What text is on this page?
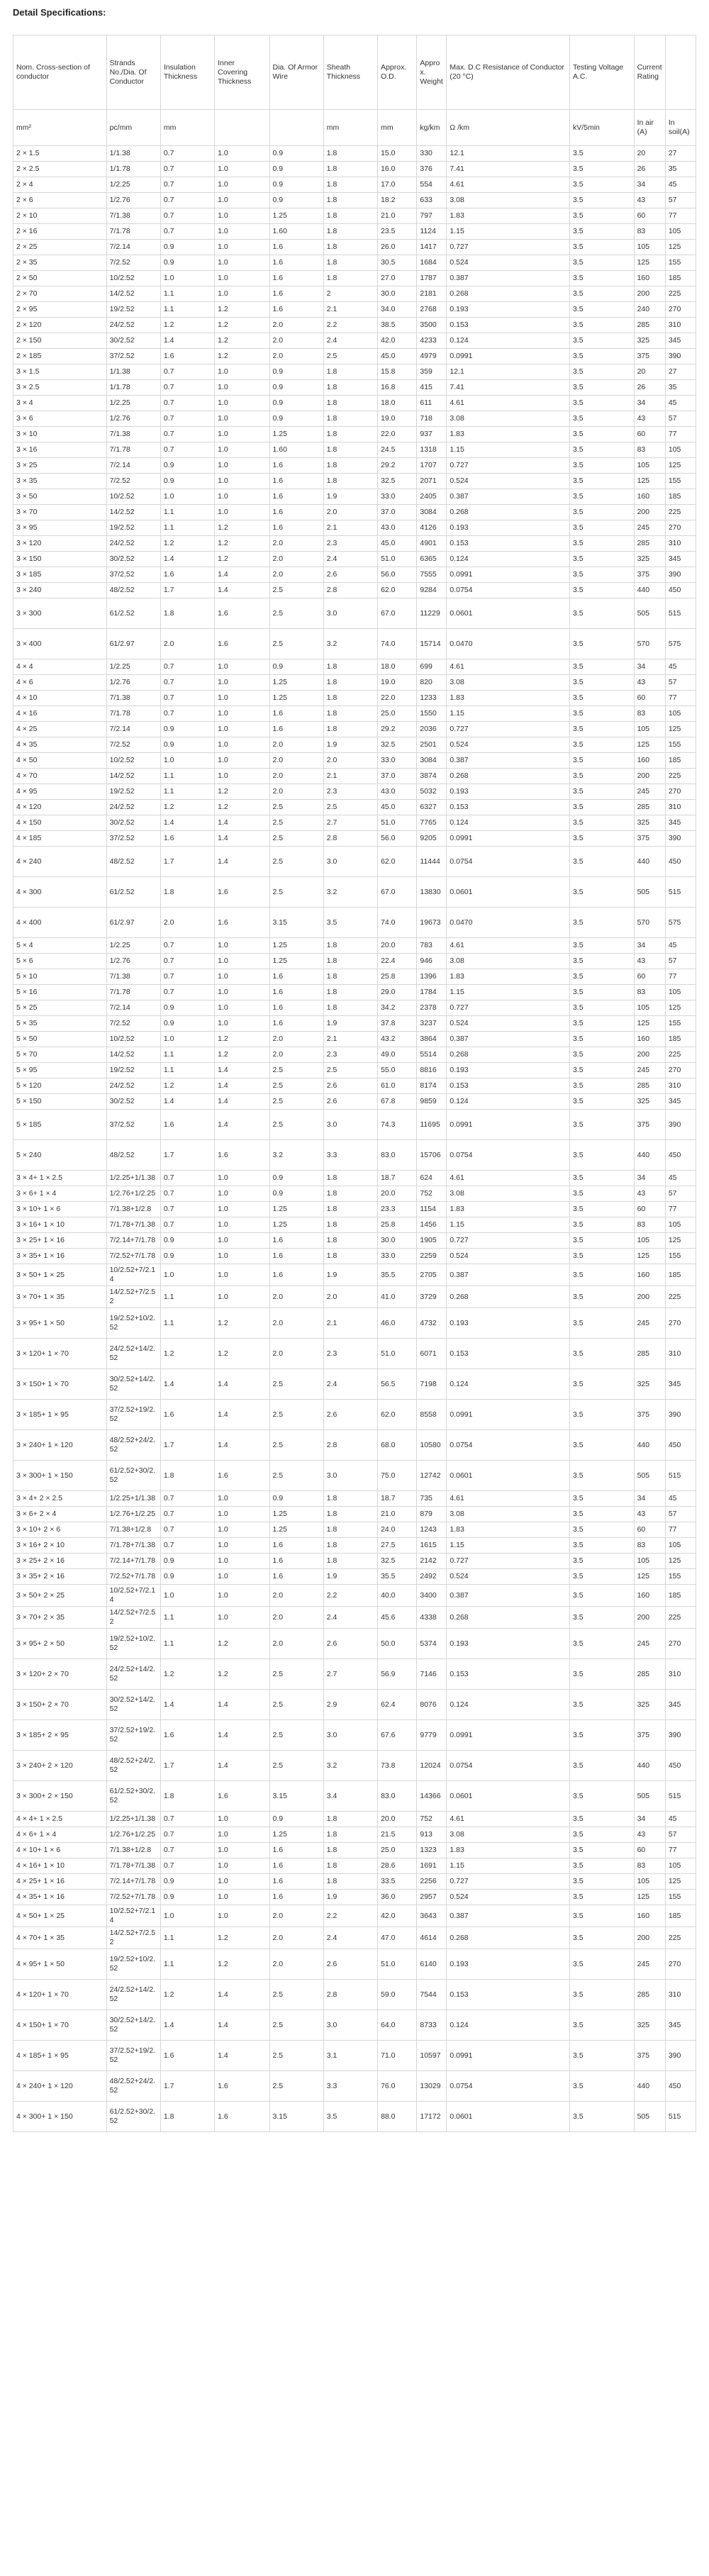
Detail Specifications:
Nom. Cross-section of conductor	Strands No./Dia. Of Conductor	Insulation Thickness	Inner Covering Thickness	Dia. Of Armor Wire	Sheath Thickness	Approx. O.D.	Approx. Weight	Max. D.C Resistance of Conductor (20 °C)	Testing Voltage A.C.	Current Rating	
mm²	pc/mm	mm			mm	mm	kg/km	Ω /km	kV/5min	In air (A)	In soil(A)
2 × 1.5	1/1.38	0.7	1.0	0.9	1.8	15.0	330	12.1	3.5	20	27
2 × 2.5	1/1.78	0.7	1.0	0.9	1.8	16.0	376	7.41	3.5	26	35
2 × 4	1/2.25	0.7	1.0	0.9	1.8	17.0	554	4.61	3.5	34	45
2 × 6	1/2.76	0.7	1.0	0.9	1.8	18.2	633	3.08	3.5	43	57
2 × 10	7/1.38	0.7	1.0	1.25	1.8	21.0	797	1.83	3.5	60	77
2 × 16	7/1.78	0.7	1.0	1.60	1.8	23.5	1124	1.15	3.5	83	105
2 × 25	7/2.14	0.9	1.0	1.6	1.8	26.0	1417	0.727	3.5	105	125
2 × 35	7/2.52	0.9	1.0	1.6	1.8	30.5	1684	0.524	3.5	125	155
2 × 50	10/2.52	1.0	1.0	1.6	1.8	27.0	1787	0.387	3.5	160	185
2 × 70	14/2.52	1.1	1.0	1.6	2	30.0	2181	0.268	3.5	200	225
2 × 95	19/2.52	1.1	1.2	1.6	2.1	34.0	2768	0.193	3.5	240	270
2 × 120	24/2.52	1.2	1.2	2.0	2.2	38.5	3500	0.153	3.5	285	310
2 × 150	30/2.52	1.4	1.2	2.0	2.4	42.0	4233	0.124	3.5	325	345
2 × 185	37/2.52	1.6	1.2	2.0	2.5	45.0	4979	0.0991	3.5	375	390
3 × 1.5	1/1.38	0.7	1.0	0.9	1.8	15.8	359	12.1	3.5	20	27
3 × 2.5	1/1.78	0.7	1.0	0.9	1.8	16.8	415	7.41	3.5	26	35
3 × 4	1/2.25	0.7	1.0	0.9	1.8	18.0	611	4.61	3.5	34	45
3 × 6	1/2.76	0.7	1.0	0.9	1.8	19.0	718	3.08	3.5	43	57
3 × 10	7/1.38	0.7	1.0	1.25	1.8	22.0	937	1.83	3.5	60	77
3 × 16	7/1.78	0.7	1.0	1.60	1.8	24.5	1318	1.15	3.5	83	105
3 × 25	7/2.14	0.9	1.0	1.6	1.8	29.2	1707	0.727	3.5	105	125
3 × 35	7/2.52	0.9	1.0	1.6	1.8	32.5	2071	0.524	3.5	125	155
3 × 50	10/2.52	1.0	1.0	1.6	1.9	33.0	2405	0.387	3.5	160	185
3 × 70	14/2.52	1.1	1.0	1.6	2.0	37.0	3084	0.268	3.5	200	225
3 × 95	19/2.52	1.1	1.2	1.6	2.1	43.0	4126	0.193	3.5	245	270
3 × 120	24/2.52	1.2	1.2	2.0	2.3	45.0	4901	0.153	3.5	285	310
3 × 150	30/2.52	1.4	1.2	2.0	2.4	51.0	6365	0.124	3.5	325	345
3 × 185	37/2.52	1.6	1.4	2.0	2.6	56.0	7555	0.0991	3.5	375	390
3 × 240	48/2.52	1.7	1.4	2.5	2.8	62.0	9284	0.0754	3.5	440	450
3 × 300	61/2.52	1.8	1.6	2.5	3.0	67.0	11229	0.0601	3.5	505	515
3 × 400	61/2.97	2.0	1.6	2.5	3.2	74.0	15714	0.0470	3.5	570	575
4 × 4	1/2.25	0.7	1.0	0.9	1.8	18.0	699	4.61	3.5	34	45
4 × 6	1/2.76	0.7	1.0	1.25	1.8	19.0	820	3.08	3.5	43	57
4 × 10	7/1.38	0.7	1.0	1.25	1.8	22.0	1233	1.83	3.5	60	77
4 × 16	7/1.78	0.7	1.0	1.6	1.8	25.0	1550	1.15	3.5	83	105
4 × 25	7/2.14	0.9	1.0	1.6	1.8	29.2	2036	0.727	3.5	105	125
4 × 35	7/2.52	0.9	1.0	2.0	1.9	32.5	2501	0.524	3.5	125	155
4 × 50	10/2.52	1.0	1.0	2.0	2.0	33.0	3084	0.387	3.5	160	185
4 × 70	14/2.52	1.1	1.0	2.0	2.1	37.0	3874	0.268	3.5	200	225
4 × 95	19/2.52	1.1	1.2	2.0	2.3	43.0	5032	0.193	3.5	245	270
4 × 120	24/2.52	1.2	1.2	2.5	2.5	45.0	6327	0.153	3.5	285	310
4 × 150	30/2.52	1.4	1.4	2.5	2.7	51.0	7765	0.124	3.5	325	345
4 × 185	37/2.52	1.6	1.4	2.5	2.8	56.0	9205	0.0991	3.5	375	390
4 × 240	48/2.52	1.7	1.4	2.5	3.0	62.0	11444	0.0754	3.5	440	450
4 × 300	61/2.52	1.8	1.6	2.5	3.2	67.0	13830	0.0601	3.5	505	515
4 × 400	61/2.97	2.0	1.6	3.15	3.5	74.0	19673	0.0470	3.5	570	575
5 × 4	1/2.25	0.7	1.0	1.25	1.8	20.0	783	4.61	3.5	34	45
5 × 6	1/2.76	0.7	1.0	1.25	1.8	22.4	946	3.08	3.5	43	57
5 × 10	7/1.38	0.7	1.0	1.6	1.8	25.8	1396	1.83	3.5	60	77
5 × 16	7/1.78	0.7	1.0	1.6	1.8	29.0	1784	1.15	3.5	83	105
5 × 25	7/2.14	0.9	1.0	1.6	1.8	34.2	2378	0.727	3.5	105	125
5 × 35	7/2.52	0.9	1.0	1.6	1.9	37.8	3237	0.524	3.5	125	155
5 × 50	10/2.52	1.0	1.2	2.0	2.1	43.2	3864	0.387	3.5	160	185
5 × 70	14/2.52	1.1	1.2	2.0	2.3	49.0	5514	0.268	3.5	200	225
5 × 95	19/2.52	1.1	1.4	2.5	2.5	55.0	8816	0.193	3.5	245	270
5 × 120	24/2.52	1.2	1.4	2.5	2.6	61.0	8174	0.153	3.5	285	310
5 × 150	30/2.52	1.4	1.4	2.5	2.6	67.8	9859	0.124	3.5	325	345
5 × 185	37/2.52	1.6	1.4	2.5	3.0	74.3	11695	0.0991	3.5	375	390
5 × 240	48/2.52	1.7	1.6	3.2	3.3	83.0	15706	0.0754	3.5	440	450
3 × 4+ 1 × 2.5	1/2.25+1/1.38	0.7	1.0	0.9	1.8	18.7	624	4.61	3.5	34	45
3 × 6+ 1 × 4	1/2.76+1/2.25	0.7	1.0	0.9	1.8	20.0	752	3.08	3.5	43	57
3 × 10+ 1 × 6	7/1.38+1/2.8	0.7	1.0	1.25	1.8	23.3	1154	1.83	3.5	60	77
3 × 16+ 1 × 10	7/1.78+7/1.38	0.7	1.0	1.25	1.8	25.8	1456	1.15	3.5	83	105
3 × 25+ 1 × 16	7/2.14+7/1.78	0.9	1.0	1.6	1.8	30.0	1905	0.727	3.5	105	125
3 × 35+ 1 × 16	7/2.52+7/1.78	0.9	1.0	1.6	1.8	33.0	2259	0.524	3.5	125	155
3 × 50+ 1 × 25	10/2.52+7/2.14	1.0	1.0	1.6	1.9	35.5	2705	0.387	3.5	160	185
3 × 70+ 1 × 35	14/2.52+7/2.52	1.1	1.0	2.0	2.0	41.0	3729	0.268	3.5	200	225
3 × 95+ 1 × 50	19/2.52+10/2.52	1.1	1.2	2.0	2.1	46.0	4732	0.193	3.5	245	270
3 × 120+ 1 × 70	24/2.52+14/2.52	1.2	1.2	2.0	2.3	51.0	6071	0.153	3.5	285	310
3 × 150+ 1 × 70	30/2.52+14/2.52	1.4	1.4	2.5	2.4	56.5	7198	0.124	3.5	325	345
3 × 185+ 1 × 95	37/2.52+19/2.52	1.6	1.4	2.5	2.6	62.0	8558	0.0991	3.5	375	390
3 × 240+ 1 × 120	48/2.52+24/2.52	1.7	1.4	2.5	2.8	68.0	10580	0.0754	3.5	440	450
3 × 300+ 1 × 150	61/2.52+30/2.52	1.8	1.6	2.5	3.0	75.0	12742	0.0601	3.5	505	515
3 × 4+ 2 × 2.5	1/2.25+1/1.38	0.7	1.0	0.9	1.8	18.7	735	4.61	3.5	34	45
3 × 6+ 2 × 4	1/2.76+1/2.25	0.7	1.0	1.25	1.8	21.0	879	3.08	3.5	43	57
3 × 10+ 2 × 6	7/1.38+1/2.8	0.7	1.0	1.25	1.8	24.0	1243	1.83	3.5	60	77
3 × 16+ 2 × 10	7/1.78+7/1.38	0.7	1.0	1.6	1.8	27.5	1615	1.15	3.5	83	105
3 × 25+ 2 × 16	7/2.14+7/1.78	0.9	1.0	1.6	1.8	32.5	2142	0.727	3.5	105	125
3 × 35+ 2 × 16	7/2.52+7/1.78	0.9	1.0	1.6	1.9	35.5	2492	0.524	3.5	125	155
3 × 50+ 2 × 25	10/2.52+7/2.14	1.0	1.0	2.0	2.2	40.0	3400	0.387	3.5	160	185
3 × 70+ 2 × 35	14/2.52+7/2.52	1.1	1.0	2.0	2.4	45.6	4338	0.268	3.5	200	225
3 × 95+ 2 × 50	19/2.52+10/2.52	1.1	1.2	2.0	2.6	50.0	5374	0.193	3.5	245	270
3 × 120+ 2 × 70	24/2.52+14/2.52	1.2	1.2	2.5	2.7	56.9	7146	0.153	3.5	285	310
3 × 150+ 2 × 70	30/2.52+14/2.52	1.4	1.4	2.5	2.9	62.4	8076	0.124	3.5	325	345
3 × 185+ 2 × 95	37/2.52+19/2.52	1.6	1.4	2.5	3.0	67.6	9779	0.0991	3.5	375	390
3 × 240+ 2 × 120	48/2.52+24/2.52	1.7	1.4	2.5	3.2	73.8	12024	0.0754	3.5	440	450
3 × 300+ 2 × 150	61/2.52+30/2.52	1.8	1.6	3.15	3.4	83.0	14366	0.0601	3.5	505	515
4 × 4+ 1 × 2.5	1/2.25+1/1.38	0.7	1.0	0.9	1.8	20.0	752	4.61	3.5	34	45
4 × 6+ 1 × 4	1/2.76+1/2.25	0.7	1.0	1.25	1.8	21.5	913	3.08	3.5	43	57
4 × 10+ 1 × 6	7/1.38+1/2.8	0.7	1.0	1.6	1.8	25.0	1323	1.83	3.5	60	77
4 × 16+ 1 × 10	7/1.78+7/1.38	0.7	1.0	1.6	1.8	28.6	1691	1.15	3.5	83	105
4 × 25+ 1 × 16	7/2.14+7/1.78	0.9	1.0	1.6	1.8	33.5	2256	0.727	3.5	105	125
4 × 35+ 1 × 16	7/2.52+7/1.78	0.9	1.0	1.6	1.9	36.0	2957	0.524	3.5	125	155
4 × 50+ 1 × 25	10/2.52+7/2.14	1.0	1.0	2.0	2.2	42.0	3643	0.387	3.5	160	185
4 × 70+ 1 × 35	14/2.52+7/2.52	1.1	1.2	2.0	2.4	47.0	4614	0.268	3.5	200	225
4 × 95+ 1 × 50	19/2.52+10/2.52	1.1	1.2	2.0	2.6	51.0	6140	0.193	3.5	245	270
4 × 120+ 1 × 70	24/2.52+14/2.52	1.2	1.4	2.5	2.8	59.0	7544	0.153	3.5	285	310
4 × 150+ 1 × 70	30/2.52+14/2.52	1.4	1.4	2.5	3.0	64.0	8733	0.124	3.5	325	345
4 × 185+ 1 × 95	37/2.52+19/2.52	1.6	1.4	2.5	3.1	71.0	10597	0.0991	3.5	375	390
4 × 240+ 1 × 120	48/2.52+24/2.52	1.7	1.6	2.5	3.3	76.0	13029	0.0754	3.5	440	450
4 × 300+ 1 × 150	61/2.52+30/2.52	1.8	1.6	3.15	3.5	88.0	17172	0.0601	3.5	505	515
